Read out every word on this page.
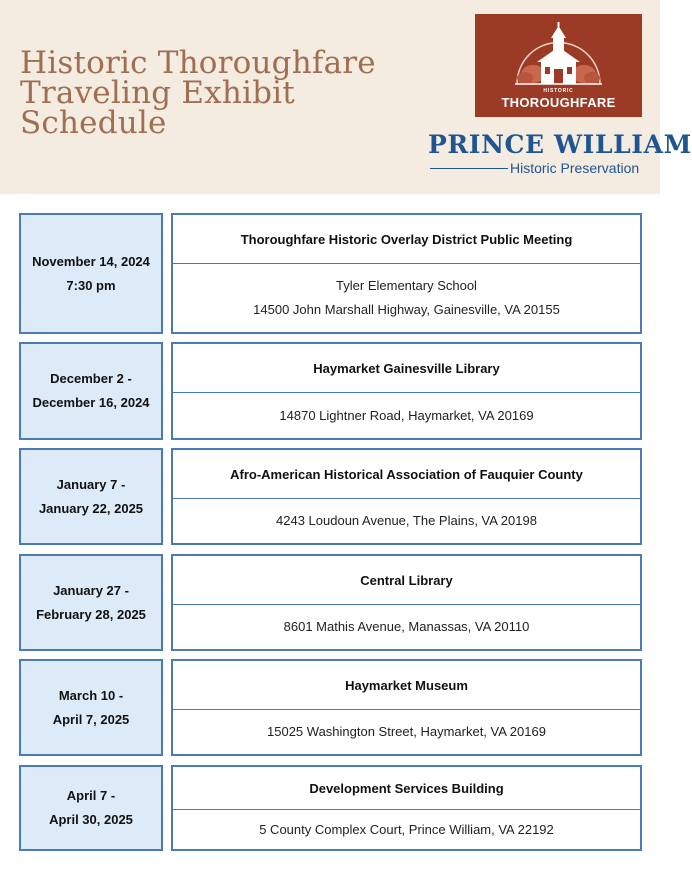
Historic Thoroughfare
Traveling Exhibit
Schedule
HISTORIC
THOROUGHFARE
PRINCE WILLIAM
Historic Preservation
November 14, 2024
7:30 pm
Thoroughfare Historic Overlay District Public Meeting
Tyler Elementary School
14500 John Marshall Highway, Gainesville, VA 20155
December 2 -
December 16, 2024
Haymarket Gainesville Library
14870 Lightner Road, Haymarket, VA 20169
January 7 -
January 22, 2025
Afro-American Historical Association of Fauquier County
4243 Loudoun Avenue, The Plains, VA 20198
January 27 -
February 28, 2025
Central Library
8601 Mathis Avenue, Manassas, VA 20110
March 10 -
April 7, 2025
Haymarket Museum
15025 Washington Street, Haymarket, VA 20169
April 7 -
April 30, 2025
Development Services Building
5 County Complex Court, Prince William, VA 22192
